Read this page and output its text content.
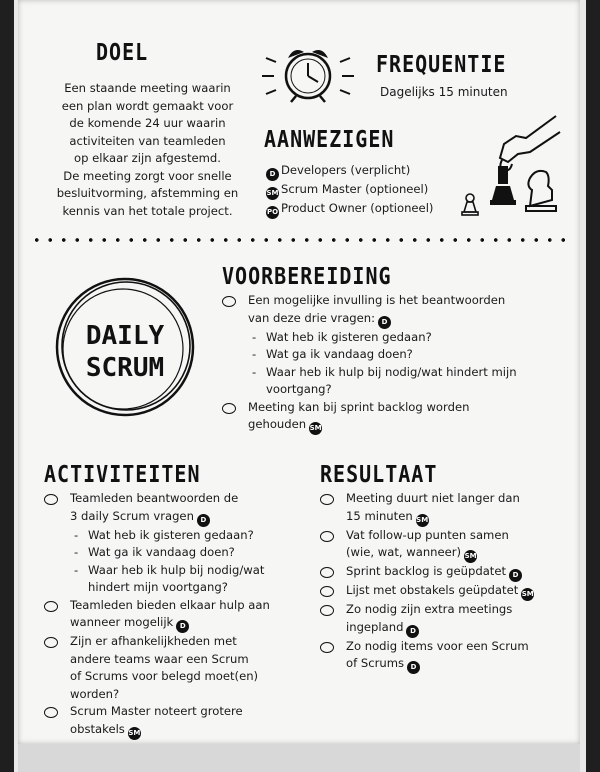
DOEL
Een staande meeting waarin
een plan wordt gemaakt voor
de komende 24 uur waarin
activiteiten van teamleden
op elkaar zijn afgestemd.
De meeting zorgt voor snelle
besluitvorming, afstemming en
kennis van het totale project.
FREQUENTIE
Dagelijks 15 minuten
AANWEZIGEN
D Developers (verplicht)
SM Scrum Master (optioneel)
PO Product Owner (optioneel)
DAILY
SCRUM
VOORBEREIDING
Een mogelijke invulling is het beantwoorden
van deze drie vragen: D
- Wat heb ik gisteren gedaan?
- Wat ga ik vandaag doen?
- Waar heb ik hulp bij nodig/wat hindert mijn
voortgang?
Meeting kan bij sprint backlog worden
gehouden SM
ACTIVITEITEN
Teamleden beantwoorden de
3 daily Scrum vragen D
- Wat heb ik gisteren gedaan?
- Wat ga ik vandaag doen?
- Waar heb ik hulp bij nodig/wat
hindert mijn voortgang?
Teamleden bieden elkaar hulp aan
wanneer mogelijk D
Zijn er afhankelijkheden met
andere teams waar een Scrum
of Scrums voor belegd moet(en)
worden?
Scrum Master noteert grotere
obstakels SM
RESULTAAT
Meeting duurt niet langer dan
15 minuten SM
Vat follow-up punten samen
(wie, wat, wanneer) SM
Sprint backlog is geüpdatet D
Lijst met obstakels geüpdatet SM
Zo nodig zijn extra meetings
ingepland D
Zo nodig items voor een Scrum
of Scrums D
